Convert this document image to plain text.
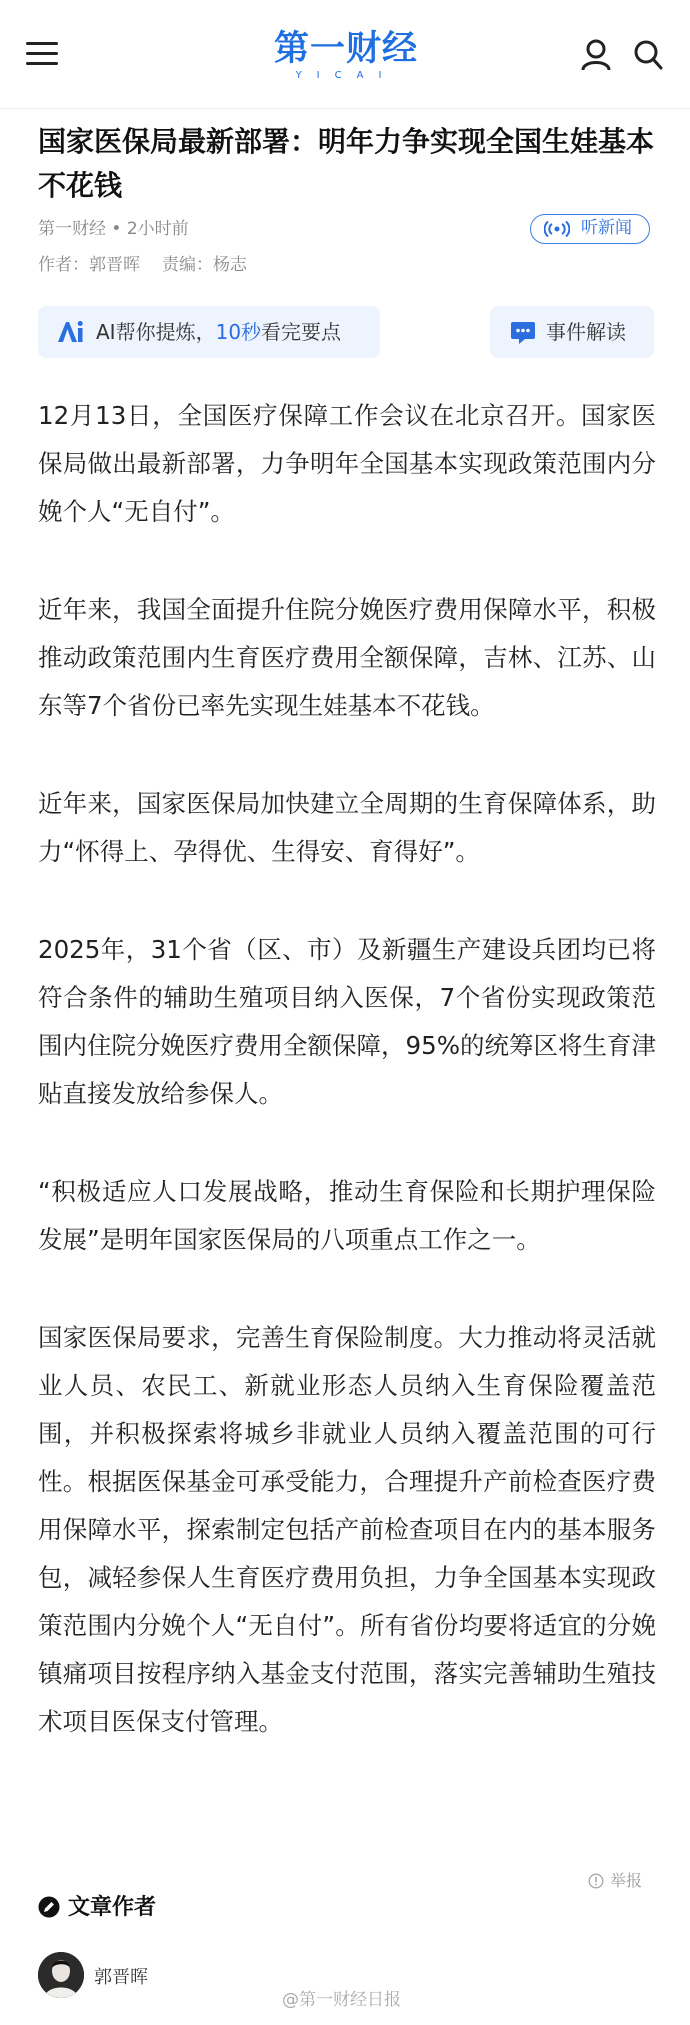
第一财经
YICAI
国家医保局最新部署：明年力争实现全国生娃基本不花钱
第一财经 • 2小时前
作者：郭晋晖 责编：杨志
听新闻
AI帮你提炼，10秒看完要点	事件解读

12月13日，全国医疗保障工作会议在北京召开。国家医保局做出最新部署，力争明年全国基本实现政策范围内分娩个人“无自付”。

近年来，我国全面提升住院分娩医疗费用保障水平，积极推动政策范围内生育医疗费用全额保障，吉林、江苏、山东等7个省份已率先实现生娃基本不花钱。

近年来，国家医保局加快建立全周期的生育保障体系，助力“怀得上、孕得优、生得安、育得好”。

2025年，31个省（区、市）及新疆生产建设兵团均已将符合条件的辅助生殖项目纳入医保，7个省份实现政策范围内住院分娩医疗费用全额保障，95%的统筹区将生育津贴直接发放给参保人。

“积极适应人口发展战略，推动生育保险和长期护理保险发展”是明年国家医保局的八项重点工作之一。

国家医保局要求，完善生育保险制度。大力推动将灵活就业人员、农民工、新就业形态人员纳入生育保险覆盖范围，并积极探索将城乡非就业人员纳入覆盖范围的可行性。根据医保基金可承受能力，合理提升产前检查医疗费用保障水平，探索制定包括产前检查项目在内的基本服务包，减轻参保人生育医疗费用负担，力争全国基本实现政策范围内分娩个人“无自付”。所有省份均要将适宜的分娩镇痛项目按程序纳入基金支付范围，落实完善辅助生殖技术项目医保支付管理。

举报
文章作者
郭晋晖
@第一财经日报
